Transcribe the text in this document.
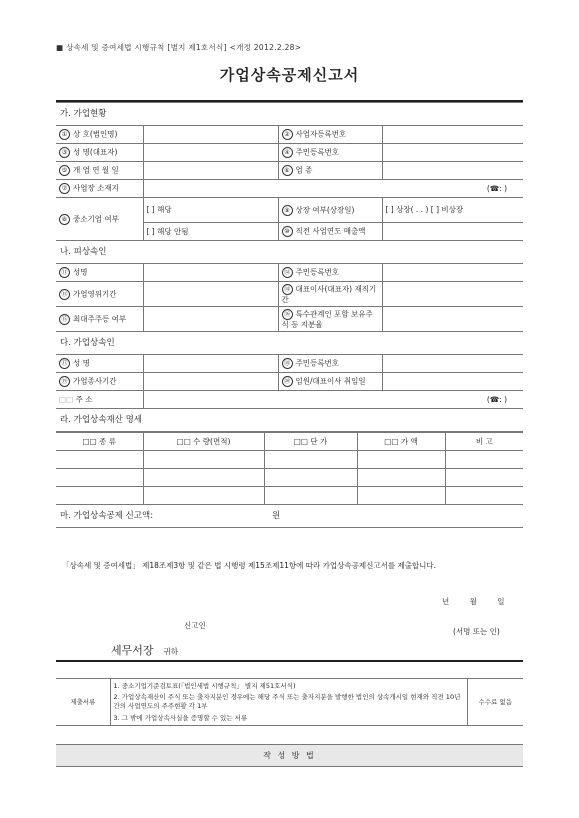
■ 상속세 및 증여세법 시행규칙 [별지 제1호서식] <개정 2012.2.28>
가업상속공제신고서
가. 가업현황			
① 상 호(법인명)		② 사업자등록번호	
③ 성 명(대표자)		④ 주민등록번호	
⑤ 개 업 연 월 일		⑥ 업 종	
⑦ 사업장 소재지	(☎: )		
⑧ 중소기업 여부	[ ] 해당	⑨ 상장 여부(상장일)	[ ] 상장( . . ) [ ] 비상장
	[ ] 해당 안됨	⑩ 직전 사업연도 매출액	
나. 피상속인			
⑪ 성명		⑫ 주민등록번호	
⑬ 가업영위기간		⑭ 대표이사(대표자) 재직기간	
⑮ 최대주주등 여부		⑯ 특수관계인 포함 보유주식 등 지분율	
다. 가업상속인			
⑰ 성 명		⑱ 주민등록번호	
⑲ 가업종사기간		⑳ 임원/대표이사 취임일	
□□ 주 소	(☎: )		
라. 가업상속재산 명세			
□□ 종 류	□□ 수 량(면적)	□□ 단 가	□□ 가 액	비 고

마. 가업상속공제 신고액:		원		
「상속세 및 증여세법」 제18조제3항 및 같은 법 시행령 제15조제11항에 따라 가업상속공제신고서를 제출합니다.
년 월 일
신고인
(서명 또는 인)
세무서장 귀하
제출서류	1. 중소기업기준검토표(「법인세법 시행규칙」 별지 제51호서식)	수수료 없음
2. 가업상속재산이 주식 또는 출자지분인 경우에는 해당 주식 또는 출자지분을 발행한 법인의 상속개시일 현재와 직전 10년간의 사업연도의 주주현황 각 1부
3. 그 밖에 가업상속사실을 증명할 수 있는 서류
작 성 방 법
